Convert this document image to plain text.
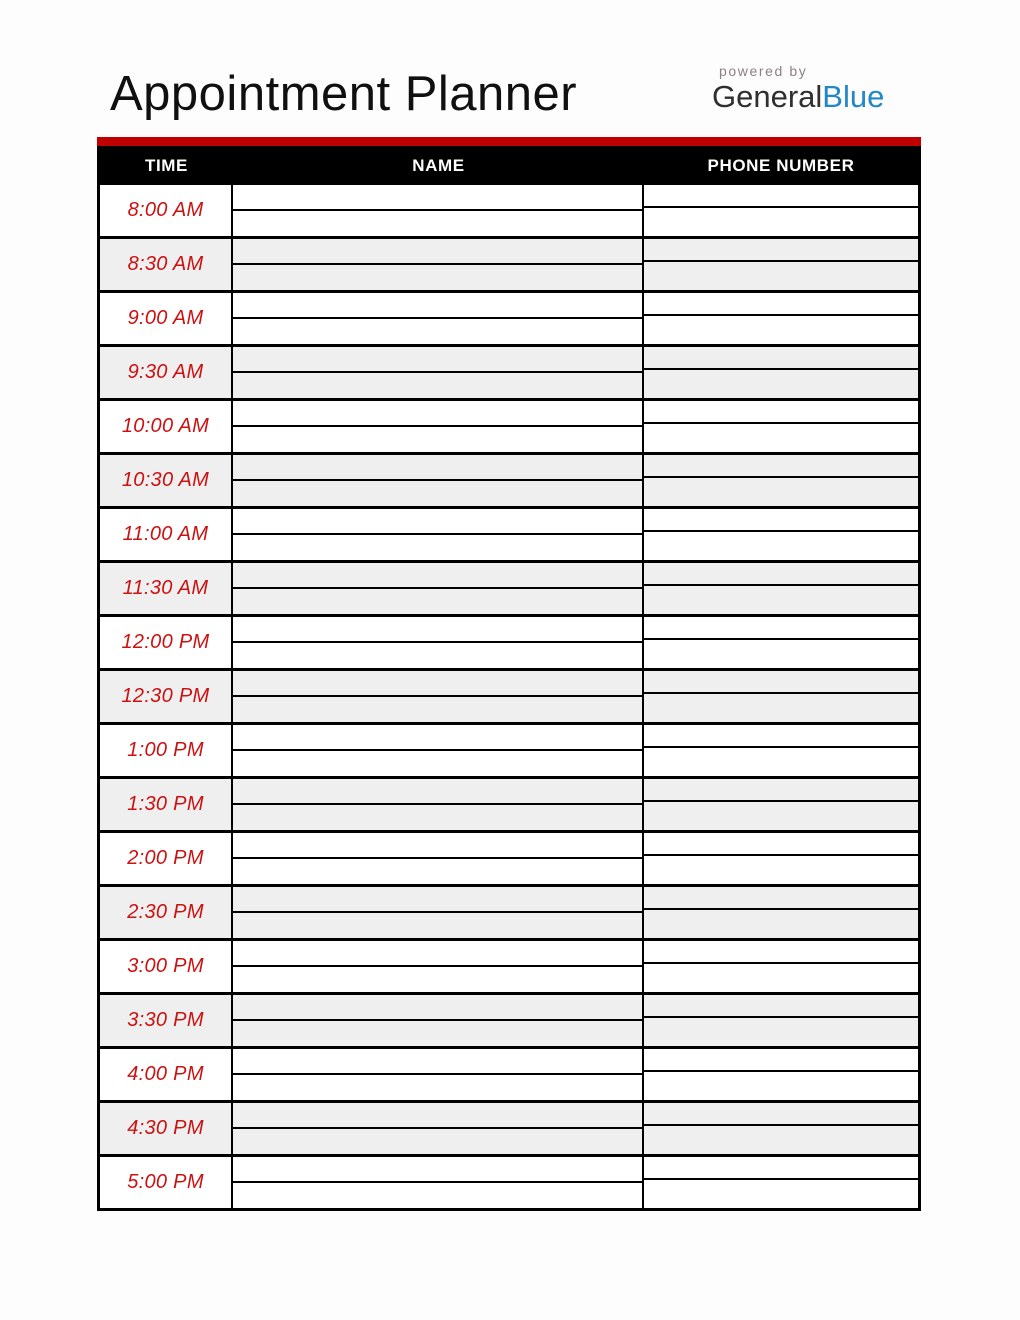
Appointment Planner	powered by
GeneralBlue
TIME	NAME	PHONE NUMBER
8:00 AM
8:30 AM
9:00 AM
9:30 AM
10:00 AM
10:30 AM
11:00 AM
11:30 AM
12:00 PM
12:30 PM
1:00 PM
1:30 PM
2:00 PM
2:30 PM
3:00 PM
3:30 PM
4:00 PM
4:30 PM
5:00 PM
